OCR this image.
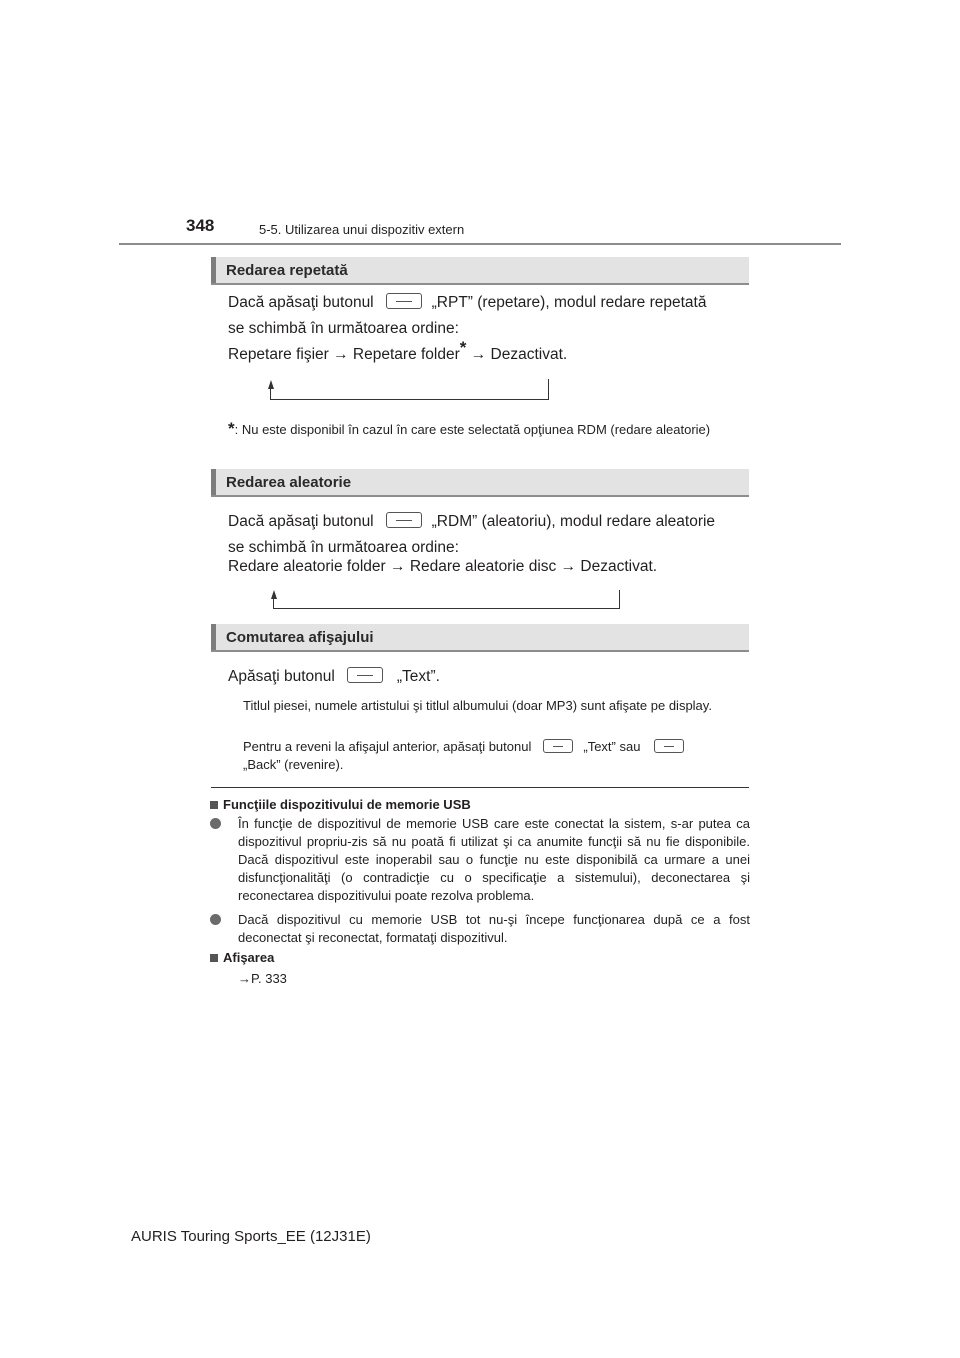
348	5-5. Utilizarea unui dispozitiv extern
Redarea repetată
Dacă apăsaţi butonul	„RPT” (repetare), modul redare repetată
se schimbă în următoarea ordine:
Repetare fişier → Repetare folder* → Dezactivat.
*: Nu este disponibil în cazul în care este selectată opţiunea RDM (redare aleatorie)
Redarea aleatorie
Dacă apăsaţi butonul	„RDM” (aleatoriu), modul redare aleatorie
se schimbă în următoarea ordine:
Redare aleatorie folder → Redare aleatorie disc → Dezactivat.
Comutarea afişajului
Apăsaţi butonul	„Text”.
Titlul piesei, numele artistului şi titlul albumului (doar MP3) sunt afişate pe display.
Pentru a reveni la afişajul anterior, apăsaţi butonul	„Text” sau
„Back” (revenire).
Funcţiile dispozitivului de memorie USB
În funcţie de dispozitivul de memorie USB care este conectat la sistem, s-ar putea ca dispozitivul propriu-zis să nu poată fi utilizat şi ca anumite funcţii să nu fie disponibile. Dacă dispozitivul este inoperabil sau o funcţie nu este disponibilă ca urmare a unei disfuncţionalităţi (o contradicţie cu o specificaţie a sistemului), deconectarea şi reconectarea dispozitivului poate rezolva problema.
Dacă dispozitivul cu memorie USB tot nu-şi începe funcţionarea după ce a fost deconectat şi reconectat, formataţi dispozitivul.
Afişarea
→P. 333
AURIS Touring Sports_EE (12J31E)
